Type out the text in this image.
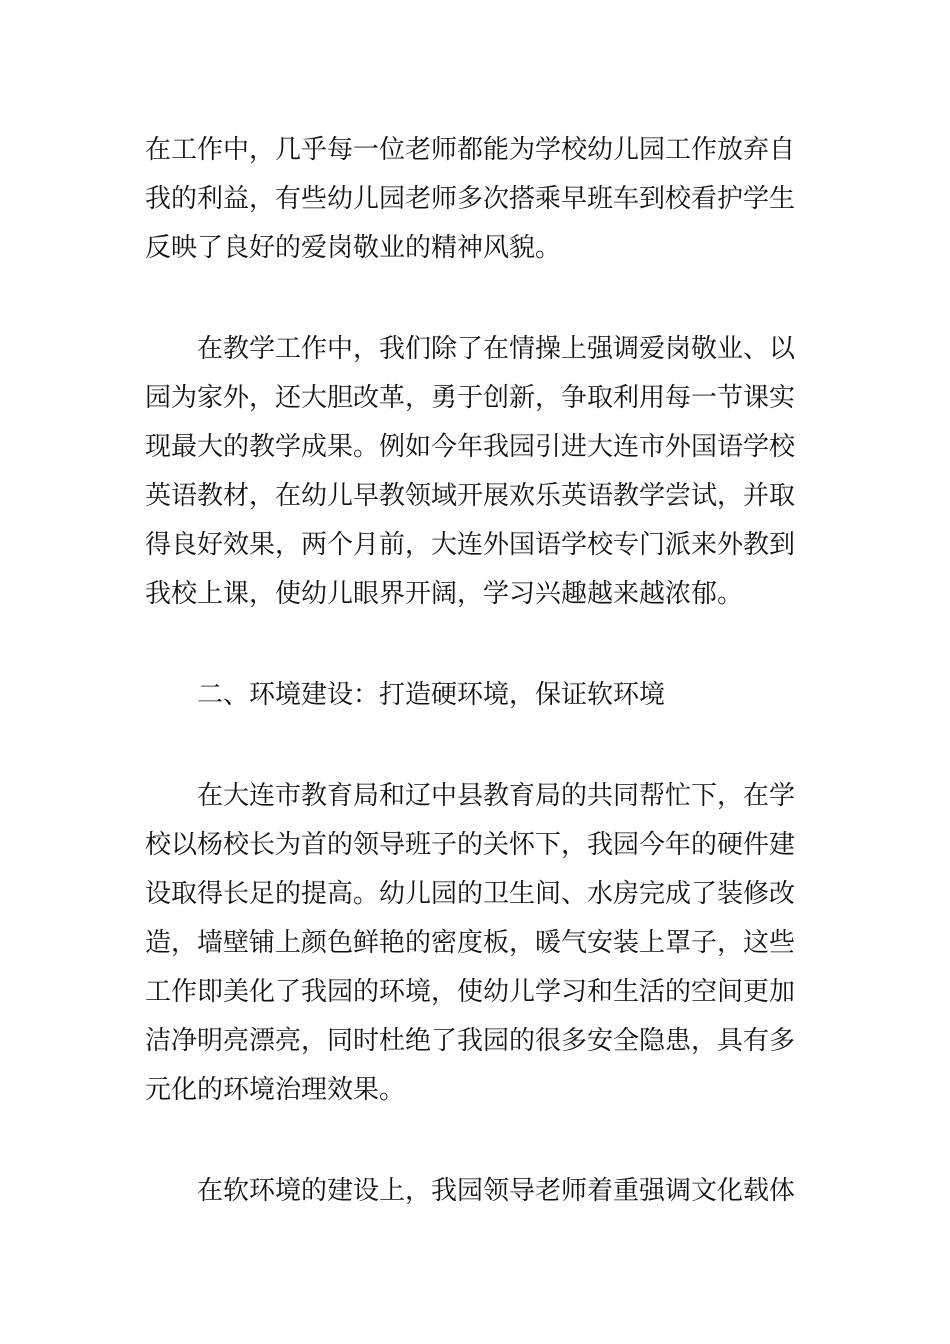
在工作中，几乎每一位老师都能为学校幼儿园工作放弃自
我的利益，有些幼儿园老师多次搭乘早班车到校看护学生
反映了良好的爱岗敬业的精神风貌。
　　在教学工作中，我们除了在情操上强调爱岗敬业、以
园为家外，还大胆改革，勇于创新，争取利用每一节课实
现最大的教学成果。例如今年我园引进大连市外国语学校
英语教材，在幼儿早教领域开展欢乐英语教学尝试，并取
得良好效果，两个月前，大连外国语学校专门派来外教到
我校上课，使幼儿眼界开阔，学习兴趣越来越浓郁。
　　二、环境建设：打造硬环境，保证软环境
　　在大连市教育局和辽中县教育局的共同帮忙下，在学
校以杨校长为首的领导班子的关怀下，我园今年的硬件建
设取得长足的提高。幼儿园的卫生间、水房完成了装修改
造，墙壁铺上颜色鲜艳的密度板，暖气安装上罩子，这些
工作即美化了我园的环境，使幼儿学习和生活的空间更加
洁净明亮漂亮，同时杜绝了我园的很多安全隐患，具有多
元化的环境治理效果。
　　在软环境的建设上，我园领导老师着重强调文化载体
